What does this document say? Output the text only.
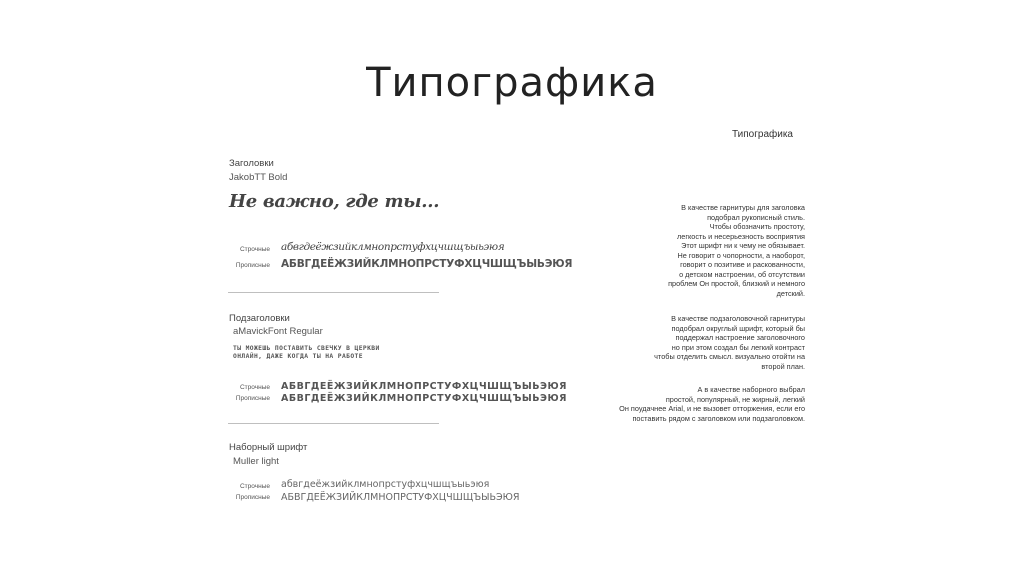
Типографика
Заголовки
JakobTT Bold
Не важно, где ты...
Строчные абвгдеёжзийклмнопрстуфхцчшщъыьэюя
Прописные АБВГДЕЁЖЗИЙКЛМНОПРСТУФХЦЧШЩЪЫЬЭЮЯ
Подзаголовки
aMavickFont Regular
ТЫ МОЖЕШЬ ПОСТАВИТЬ СВЕЧКУ В ЦЕРКВИ
ОНЛАЙН, ДАЖЕ КОГДА ТЫ НА РАБОТЕ
Строчные АБВГДЕЁЖЗИЙКЛМНОПРСТУФХЦЧШЩЪЫЬЭЮЯ
Прописные АБВГДЕЁЖЗИЙКЛМНОПРСТУФХЦЧШЩЪЫЬЭЮЯ
Наборный шрифт
Muller light
Строчные абвгдеёжзийклмнопрстуфхцчшщъыьэюя
Прописные АБВГДЕЁЖЗИЙКЛМНОПРСТУФХЦЧШЩЪЫЬЭЮЯ
Типографика
В качестве гарнитуры для заголовка
подобрал рукописный стиль.
Чтобы обозначить простоту,
легкость и несерьезность восприятия
Этот шрифт ни к чему не обязывает.
Не говорит о чопорности, а наоборот,
говорит о позитиве и раскованности,
о детском настроении, об отсутствии
проблем Он простой, близкий и немного
детский.
В качестве подзаголовочной гарнитуры
подобрал округлый шрифт, который бы
поддержал настроение заголовочного
но при этом создал бы легкий контраст
чтобы отделить смысл. визуально отойти на
второй план.
А в качестве наборного выбрал
простой, популярный, не жирный, легкий
Он поудачнее Arial, и не вызовет отторжения, если его
поставить рядом с заголовком или подзаголовком.
